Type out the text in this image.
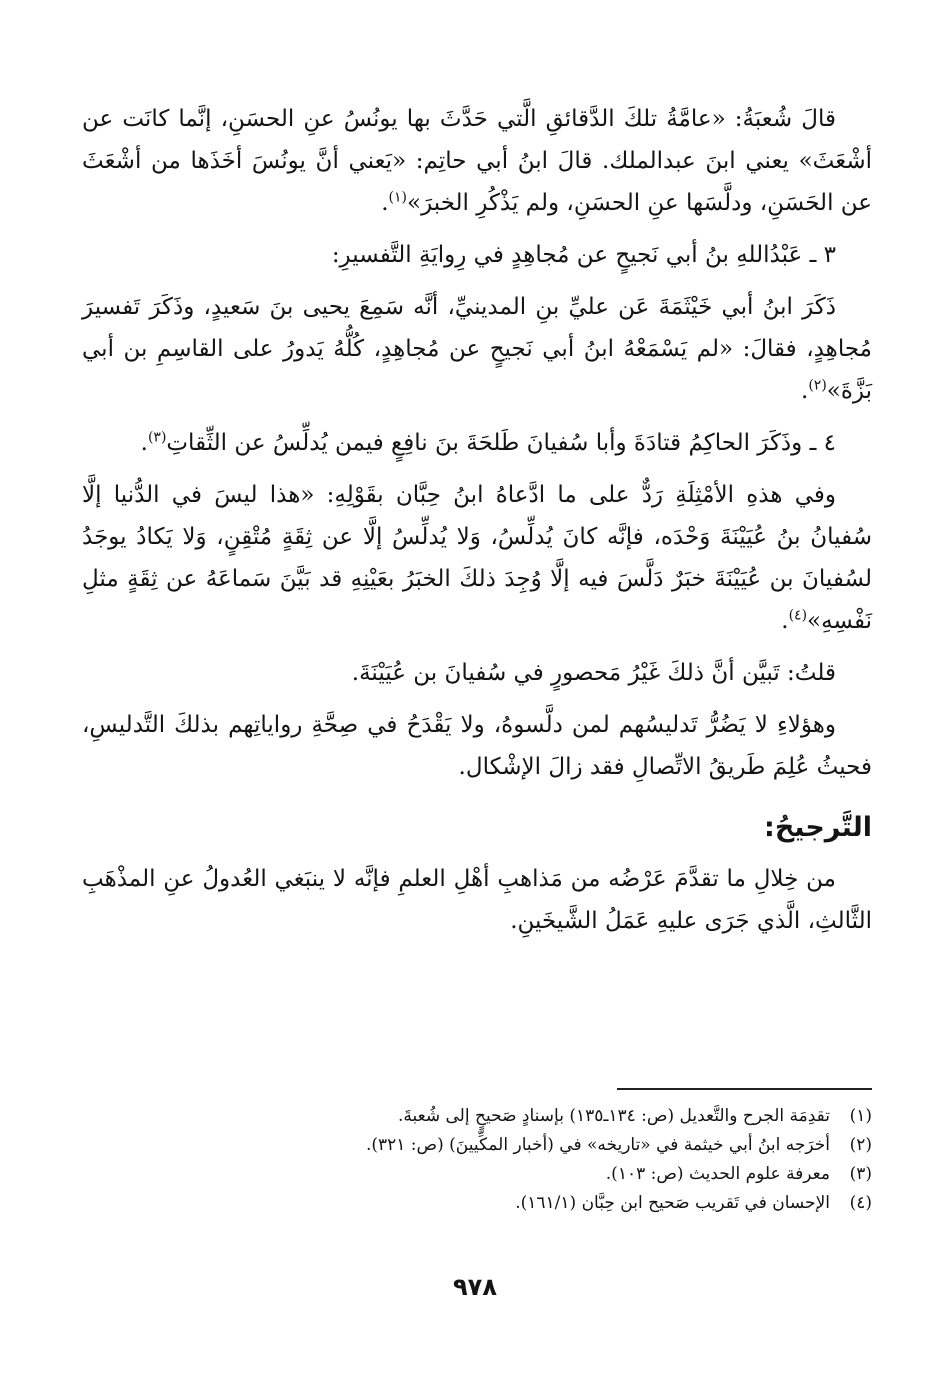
قالَ شُعبَةُ: «عامَّةُ تلكَ الدَّقائقِ الَّتي حَدَّثَ بها يونُسُ عنِ الحسَنِ، إنَّما كانَت عن أشْعَثَ» يعني ابنَ عبدالملك. قالَ ابنُ أبي حاتِم: «يَعني أنَّ يونُسَ أخَذَها من أشْعَثَ عن الحَسَنِ، ودلَّسَها عنِ الحسَنِ، ولم يَذْكُرِ الخبرَ»$^{(١)}$.

٣ ـ عَبْدُاللهِ بنُ أبي نَجيحٍ عن مُجاهِدٍ في رِوايَةِ التَّفسيرِ:

ذَكَرَ ابنُ أبي خَيْثَمَةَ عَن عليِّ بنِ المدينيِّ، أنَّه سَمِعَ يحيى بنَ سَعيدٍ، وذَكَرَ تَفسيرَ مُجاهِدٍ، فقالَ: «لم يَسْمَعْهُ ابنُ أبي نَجيحٍ عن مُجاهِدٍ، كُلُّهُ يَدورُ على القاسِمِ بن أبي بَزَّةَ»$^{(٢)}$.

٤ ـ وذَكَرَ الحاكِمُ قتادَةَ وأبا سُفيانَ طَلحَةَ بنَ نافِعٍ فيمن يُدلِّسُ عن الثِّقاتِ$^{(٣)}$.

وفي هذهِ الأمْثِلَةِ رَدٌّ على ما ادَّعاهُ ابنُ حِبَّان بقَوْلِهِ: «هذا ليسَ في الدُّنيا إلَّا سُفيانُ بنُ عُيَيْنَةَ وَحْدَه، فإنَّه كانَ يُدلِّسُ، وَلا يُدلِّسُ إلَّا عن ثِقَةٍ مُتْقِنٍ، وَلا يَكادُ يوجَدُ لسُفيانَ بن عُيَيْنَةَ خبَرٌ دَلَّسَ فيه إلَّا وُجِدَ ذلكَ الخبَرُ بعَيْنِهِ قد بَيَّنَ سَماعَهُ عن ثِقَةٍ مثلِ نَفْسِهِ»$^{(٤)}$.

قلتُ: تَبيَّن أنَّ ذلكَ غَيْرُ مَحصورٍ في سُفيانَ بن عُيَيْنَةَ.

وهؤلاءِ لا يَضُرُّ تَدليسُهم لمن دلَّسوهُ، ولا يَقْدَحُ في صِحَّةِ رواياتِهم بذلكَ التَّدليسِ، فحيثُ عُلِمَ طَريقُ الاتِّصالِ فقد زالَ الإشْكال.

التَّرجيحُ:

من خِلالِ ما تقدَّمَ عَرْضُه من مَذاهبِ أهْلِ العلمِ فإنَّه لا ينبَغي العُدولُ عنِ المذْهَبِ الثَّالثِ، الَّذي جَرَى عليهِ عَمَلُ الشَّيخَينِ.

(١)
تقدِمَة الجرح والتَّعديل (ص: ١٣٤ـ١٣٥) بإسنادٍ صَحيحٍ إلى شُعبةَ.

(٢)
أخرَجه ابنُ أبي خيثمة في «تاريخه» في (أخبار المكِّيينَ) (ص: ٣٢١).

(٣)
معرفة علوم الحديث (ص: ١٠٣).

(٤)
الإحسان في تَقريب صَحيح ابن حِبَّان (١٦١/١).

٩٧٨
